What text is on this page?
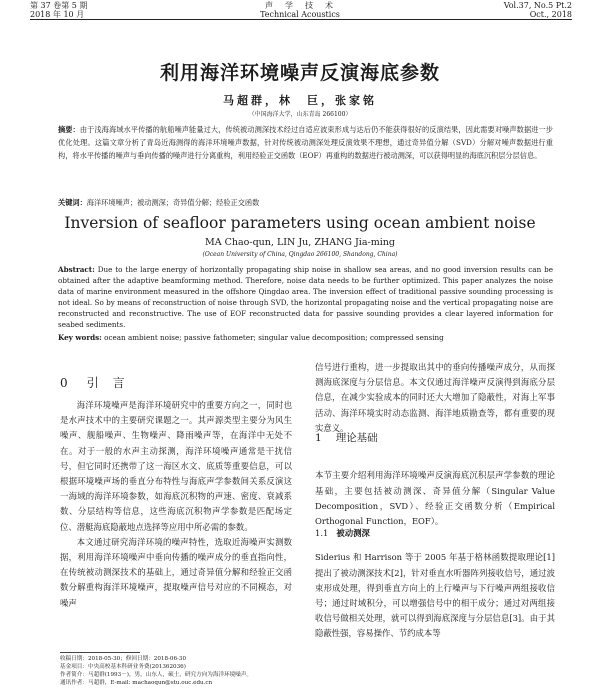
第 37 卷第 5 期
2018 年 10 月
声　学　技　术
Technical Acoustics
Vol.37, No.5 Pt.2
Oct., 2018
利用海洋环境噪声反演海底参数
马超群，林　巨，张家铭
（中国海洋大学，山东青岛 266100）
摘要：由于浅海海域水平传播的航船噪声能量过大，传统被动测深技术经过自适应波束形成与达后仍不能获得很好的反演结果，因此需要对噪声数据进一步优化处理。这篇文章分析了青岛近海测得的海洋环境噪声数据，针对传统被动测深处理反演效果不理想，通过奇异值分解（SVD）分解对噪声数据进行重构，将水平传播的噪声与垂向传播的噪声进行分离重构，利用经验正交函数（EOF）再重构的数据进行被动测深，可以获得明显的海底沉积层分层信息。
关键词：海洋环境噪声；被动测深；奇异值分解；经验正交函数
Inversion of seafloor parameters using ocean ambient noise
MA Chao-qun, LIN Ju, ZHANG Jia-ming
(Ocean University of China, Qingdao 266100, Shandong, China)
Abstract: Due to the large energy of horizontally propagating ship noise in shallow sea areas, and no good inversion results can be obtained after the adaptive beamforming method. Therefore, noise data needs to be further optimized. This paper analyzes the noise data of marine environment measured in the offshore Qingdao area. The inversion effect of traditional passive sounding processing is not ideal. So by means of reconstruction of noise through SVD, the horizontal propagating noise and the vertical propagating noise are reconstructed and reconstructive. The use of EOF reconstructed data for passive sounding provides a clear layered information for seabed sediments.
Key words: ocean ambient noise; passive fathometer; singular value decomposition; compressed sensing
0 引　言

海洋环境噪声是海洋环境研究中的重要方向之一，同时也是水声技术中的主要研究课题之一。其声源类型主要分为风生噪声、舰船噪声、生物噪声、降雨噪声等，在海洋中无处不在。对于一般的水声主动探测，海洋环境噪声通常是干扰信号，但它同时还携带了这一海区水文、底质等重要信息，可以根据环境噪声场的垂直分布特性与海底声学参数间关系反演这一海域的海洋环境参数，如海底沉积物的声速、密度、衰减系数、分层结构等信息，这些海底沉积物声学参数是匹配场定位、潜艇海底隐蔽地点选择等应用中所必需的参数。

本文通过研究海洋环境的噪声特性，选取近海噪声实测数据，利用海洋环境噪声中垂向传播的噪声成分的垂直指向性，在传统被动测深技术的基础上，通过奇异值分解和经验正交函数分解重构海洋环境噪声，提取噪声信号对应的不同模态，对噪声

收稿日期：2018-05-30；修回日期：2018-06-30
基金项目：中央高校基本科研业务费(201362036)
作者简介：马超群(1993－)，男，山东人，硕士，研究方向为海洋环境噪声。
通讯作者：马超群，E-mail: machaoqun@stu.ouc.edu.cn
信号进行重构，进一步提取出其中的垂向传播噪声成分，从而探测海底深度与分层信息。本文仅通过海洋噪声反演得到海底分层信息，在减少实验成本的同时还大大增加了隐蔽性，对海上军事活动、海洋环境实时动态监测、海洋地质勘查等，都有重要的现实意义。
1 理论基础

本节主要介绍利用海洋环境噪声反演海底沉积层声学参数的理论基础，主要包括被动测深、奇异值分解（Singular Value Decomposition，SVD）、经验正交函数分析（Empirical Orthogonal Function，EOF）。

1.1 被动测深

Siderius 和 Harrison 等于 2005 年基于格林函数提取理论[1]提出了被动测深技术[2]，针对垂直水听器阵列接收信号，通过波束形成处理，得到垂直方向上的上行噪声与下行噪声两组接收信号；通过时域积分，可以增强信号中的相干成分；通过对两组接收信号做相关处理，就可以得到海底深度与分层信息[3]。由于其隐蔽性强，容易操作、节约成本等
